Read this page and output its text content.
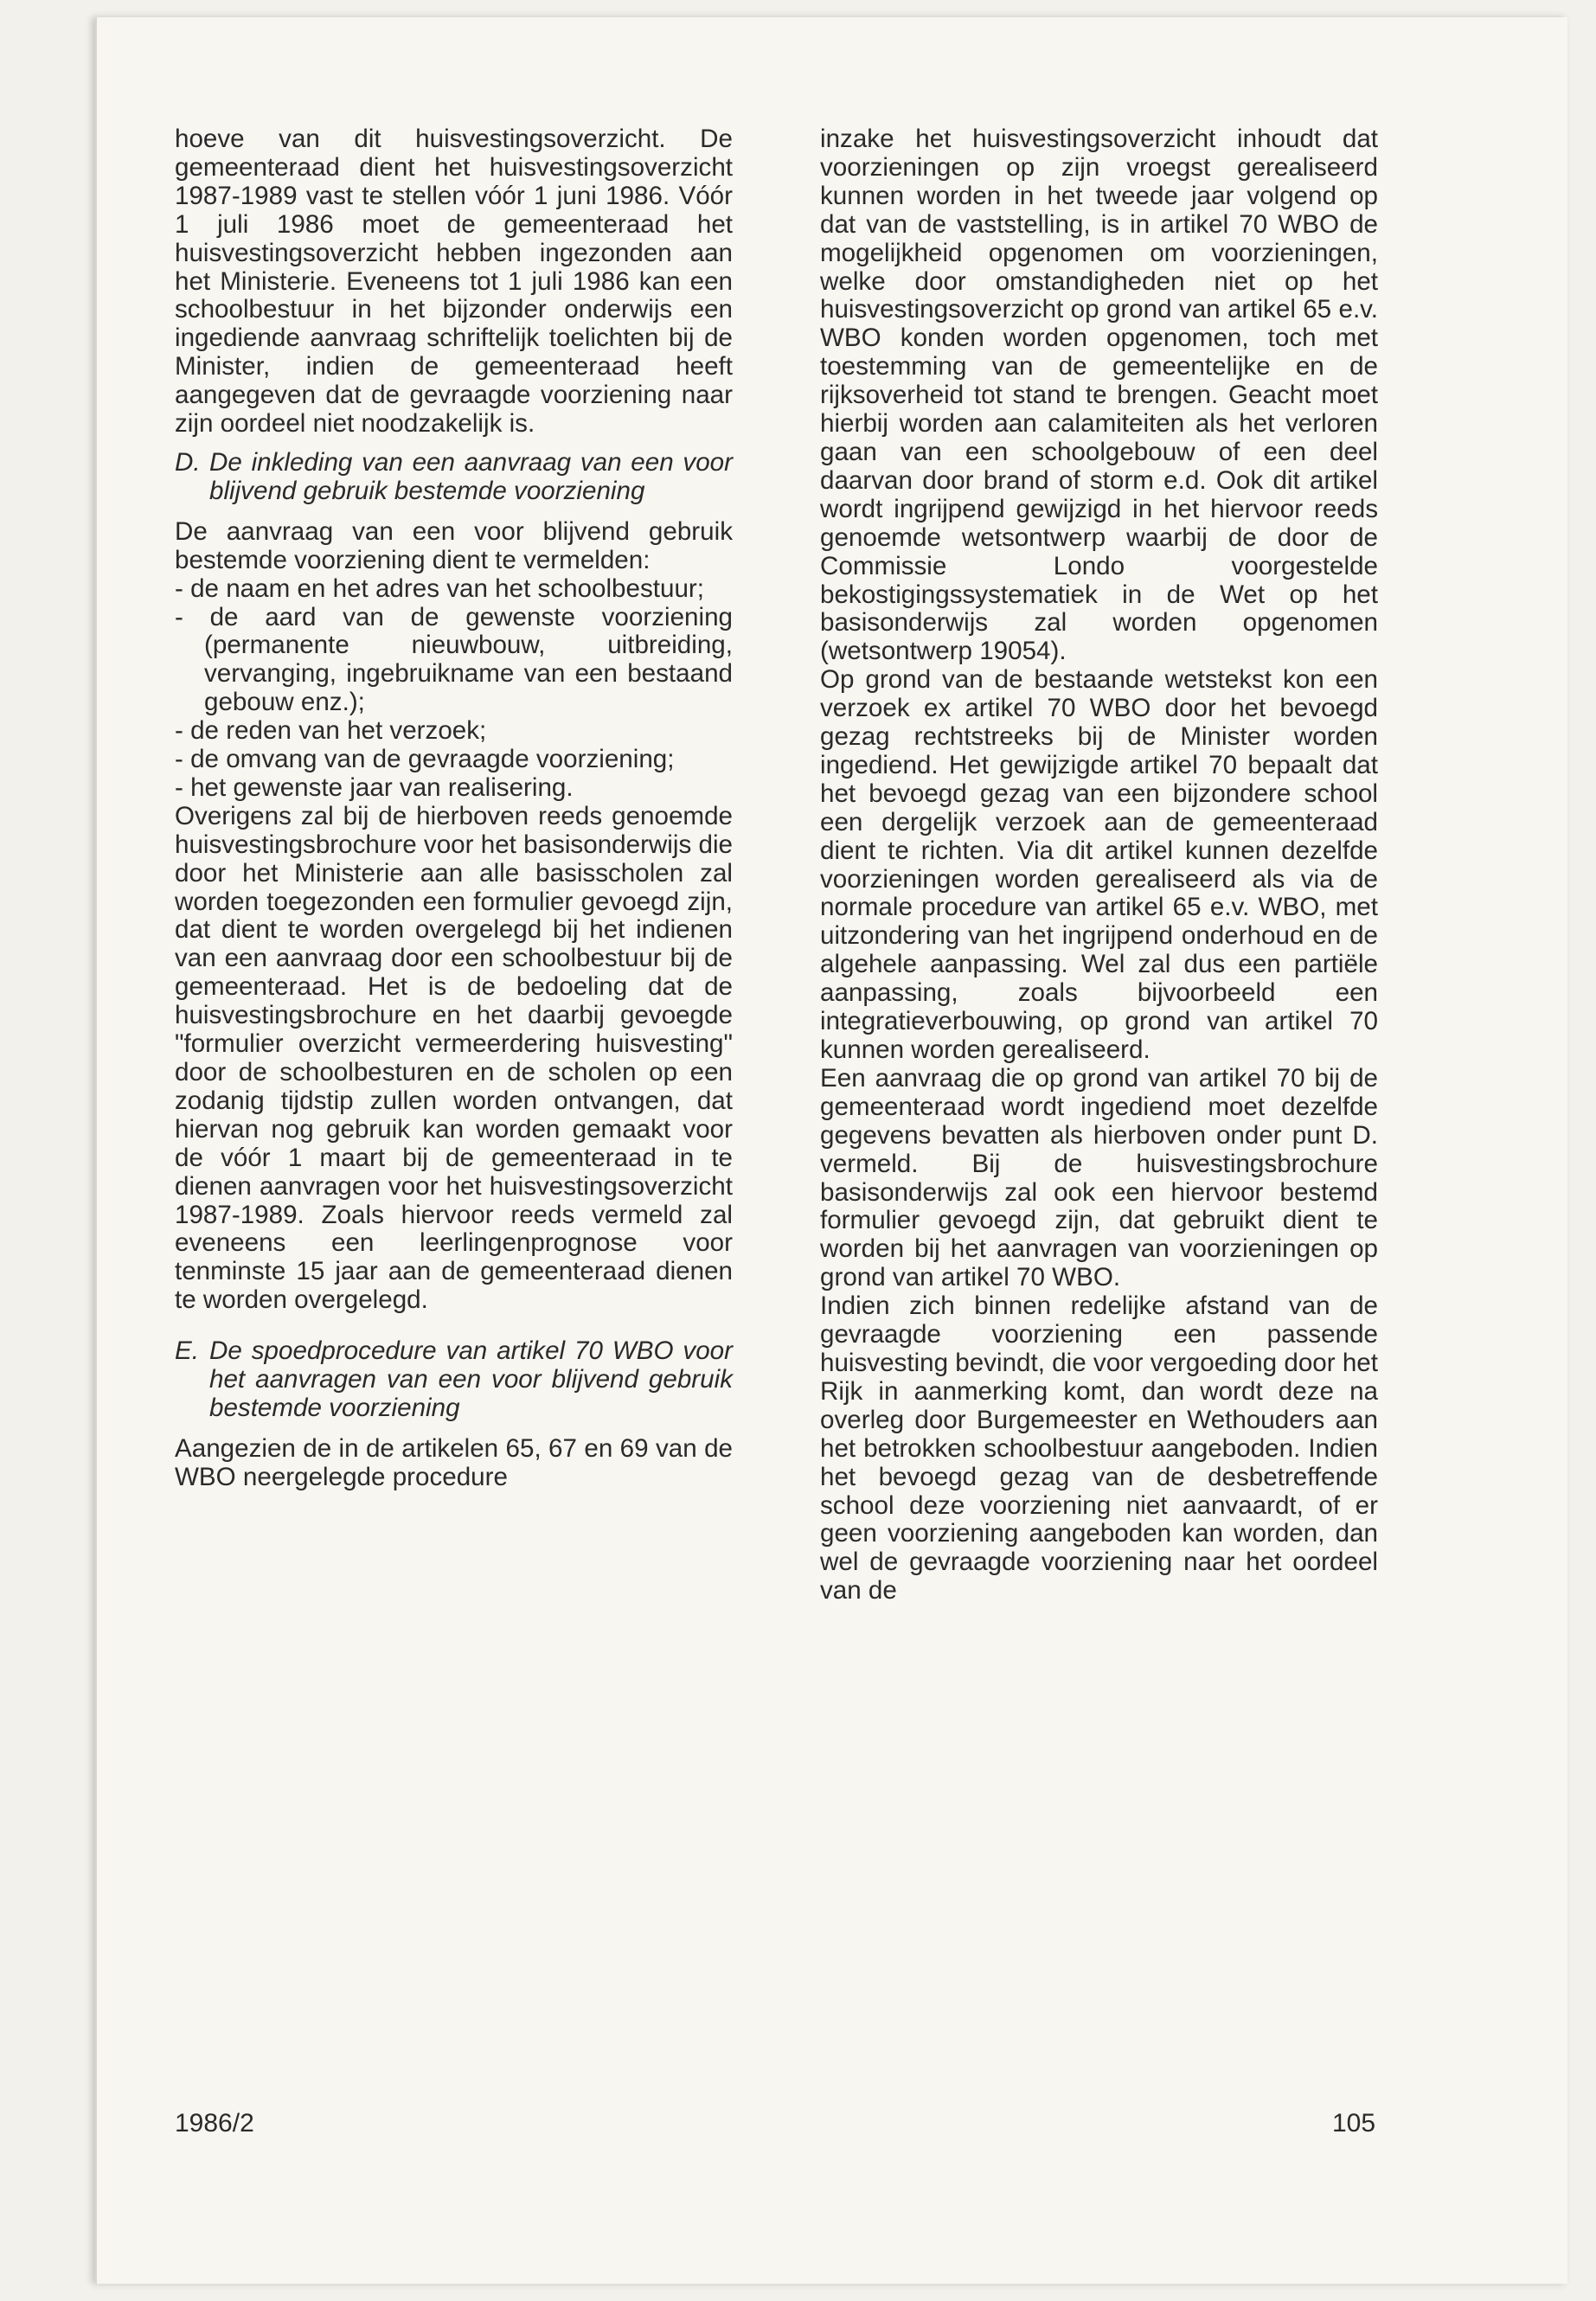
hoeve van dit huisvestingsoverzicht. De gemeenteraad dient het huisvestingsoverzicht 1987-1989 vast te stellen vóór 1 juni 1986. Vóór 1 juli 1986 moet de gemeenteraad het huisvestingsoverzicht hebben ingezonden aan het Ministerie. Eveneens tot 1 juli 1986 kan een schoolbestuur in het bijzonder onderwijs een ingediende aanvraag schriftelijk toelichten bij de Minister, indien de gemeenteraad heeft aangegeven dat de gevraagde voorziening naar zijn oordeel niet noodzakelijk is.

D. De inkleding van een aanvraag van een voor blijvend gebruik bestemde voorziening

De aanvraag van een voor blijvend gebruik bestemde voorziening dient te vermelden:

- de naam en het adres van het schoolbestuur;
- de aard van de gewenste voorziening (permanente nieuwbouw, uitbreiding, vervanging, ingebruikname van een bestaand gebouw enz.);
- de reden van het verzoek;
- de omvang van de gevraagde voorziening;
- het gewenste jaar van realisering.

Overigens zal bij de hierboven reeds genoemde huisvestingsbrochure voor het basisonderwijs die door het Ministerie aan alle basisscholen zal worden toegezonden een formulier gevoegd zijn, dat dient te worden overgelegd bij het indienen van een aanvraag door een schoolbestuur bij de gemeenteraad. Het is de bedoeling dat de huisvestingsbrochure en het daarbij gevoegde "formulier overzicht vermeerdering huisvesting" door de schoolbesturen en de scholen op een zodanig tijdstip zullen worden ontvangen, dat hiervan nog gebruik kan worden gemaakt voor de vóór 1 maart bij de gemeenteraad in te dienen aanvragen voor het huisvestingsoverzicht 1987-1989. Zoals hiervoor reeds vermeld zal eveneens een leerlingenprognose voor tenminste 15 jaar aan de gemeenteraad dienen te worden overgelegd.

E. De spoedprocedure van artikel 70 WBO voor het aanvragen van een voor blijvend gebruik bestemde voorziening

Aangezien de in de artikelen 65, 67 en 69 van de WBO neergelegde procedure

inzake het huisvestingsoverzicht inhoudt dat voorzieningen op zijn vroegst gerealiseerd kunnen worden in het tweede jaar volgend op dat van de vaststelling, is in artikel 70 WBO de mogelijkheid opgenomen om voorzieningen, welke door omstandigheden niet op het huisvestingsoverzicht op grond van artikel 65 e.v. WBO konden worden opgenomen, toch met toestemming van de gemeentelijke en de rijksoverheid tot stand te brengen. Geacht moet hierbij worden aan calamiteiten als het verloren gaan van een schoolgebouw of een deel daarvan door brand of storm e.d. Ook dit artikel wordt ingrijpend gewijzigd in het hiervoor reeds genoemde wetsontwerp waarbij de door de Commissie Londo voorgestelde bekostigingssystematiek in de Wet op het basisonderwijs zal worden opgenomen (wetsontwerp 19054).

Op grond van de bestaande wetstekst kon een verzoek ex artikel 70 WBO door het bevoegd gezag rechtstreeks bij de Minister worden ingediend. Het gewijzigde artikel 70 bepaalt dat het bevoegd gezag van een bijzondere school een dergelijk verzoek aan de gemeenteraad dient te richten. Via dit artikel kunnen dezelfde voorzieningen worden gerealiseerd als via de normale procedure van artikel 65 e.v. WBO, met uitzondering van het ingrijpend onderhoud en de algehele aanpassing. Wel zal dus een partiële aanpassing, zoals bijvoorbeeld een integratieverbouwing, op grond van artikel 70 kunnen worden gerealiseerd.

Een aanvraag die op grond van artikel 70 bij de gemeenteraad wordt ingediend moet dezelfde gegevens bevatten als hierboven onder punt D. vermeld. Bij de huisvestingsbrochure basisonderwijs zal ook een hiervoor bestemd formulier gevoegd zijn, dat gebruikt dient te worden bij het aanvragen van voorzieningen op grond van artikel 70 WBO.

Indien zich binnen redelijke afstand van de gevraagde voorziening een passende huisvesting bevindt, die voor vergoeding door het Rijk in aanmerking komt, dan wordt deze na overleg door Burgemeester en Wethouders aan het betrokken schoolbestuur aangeboden. Indien het bevoegd gezag van de desbetreffende school deze voorziening niet aanvaardt, of er geen voorziening aangeboden kan worden, dan wel de gevraagde voorziening naar het oordeel van de

1986/2	105
